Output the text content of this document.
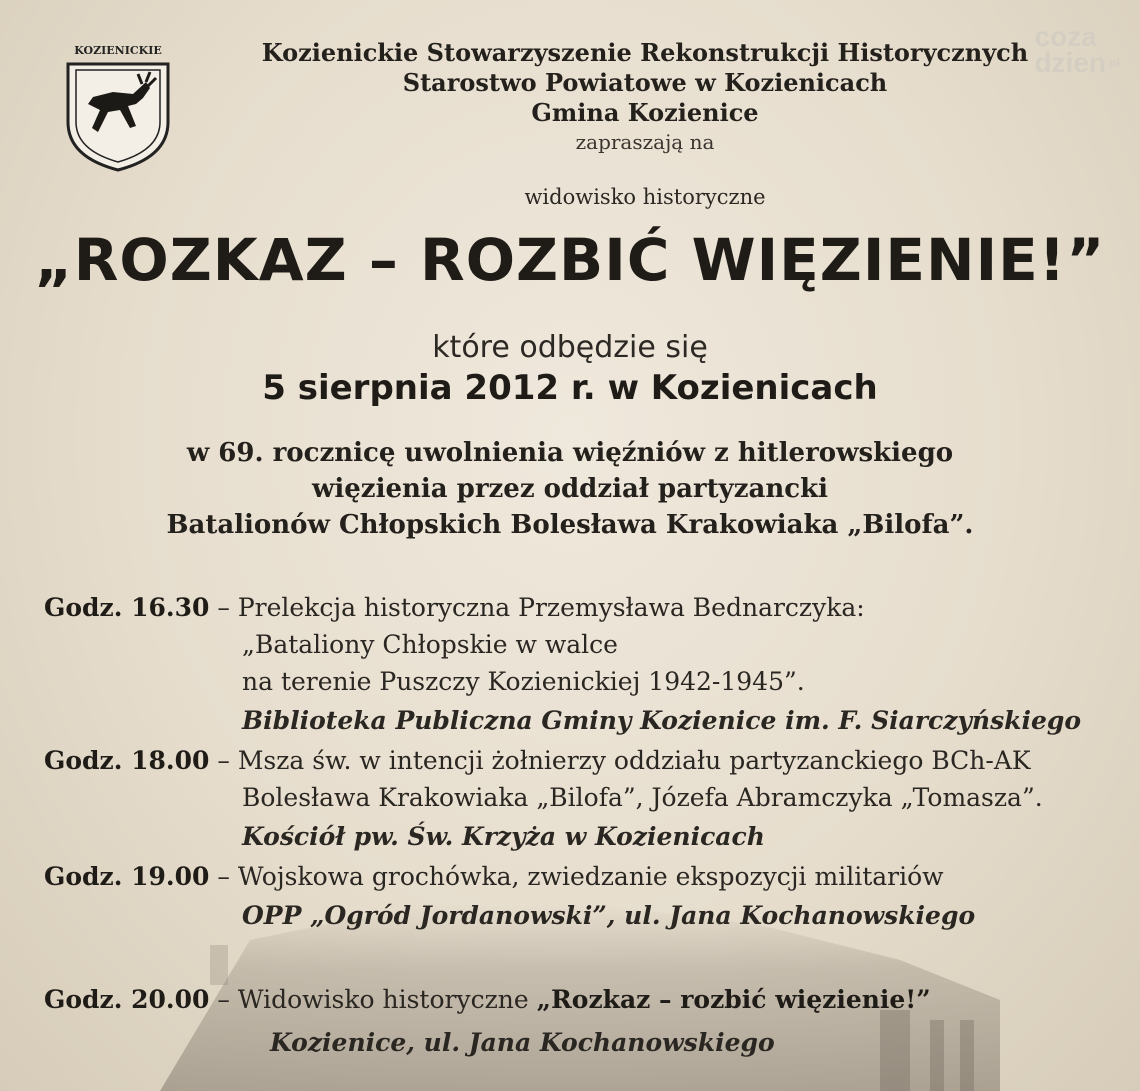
KOZIENICKIE	coza
dzien$^{.pl}$
Kozienickie Stowarzyszenie Rekonstrukcji Historycznych
Starostwo Powiatowe w Kozienicach
Gmina Kozienice
zapraszają na
widowisko historyczne
„ROZKAZ – ROZBIĆ WIĘZIENIE!”
które odbędzie się
5 sierpnia 2012 r. w Kozienicach
w 69. rocznicę uwolnienia więźniów z hitlerowskiego
więzienia przez oddział partyzancki
Batalionów Chłopskich Bolesława Krakowiaka „Bilofa”.
Godz. 16.30 – Prelekcja historyczna Przemysława Bednarczyka:
„Bataliony Chłopskie w walce
na terenie Puszczy Kozienickiej 1942-1945”.
Biblioteka Publiczna Gminy Kozienice im. F. Siarczyńskiego
Godz. 18.00 – Msza św. w intencji żołnierzy oddziału partyzanckiego BCh-AK
Bolesława Krakowiaka „Bilofa”, Józefa Abramczyka „Tomasza”.
Kościół pw. Św. Krzyża w Kozienicach
Godz. 19.00 – Wojskowa grochówka, zwiedzanie ekspozycji militariów
OPP „Ogród Jordanowski”, ul. Jana Kochanowskiego
Godz. 20.00 – Widowisko historyczne „Rozkaz – rozbić więzienie!”
Kozienice, ul. Jana Kochanowskiego
